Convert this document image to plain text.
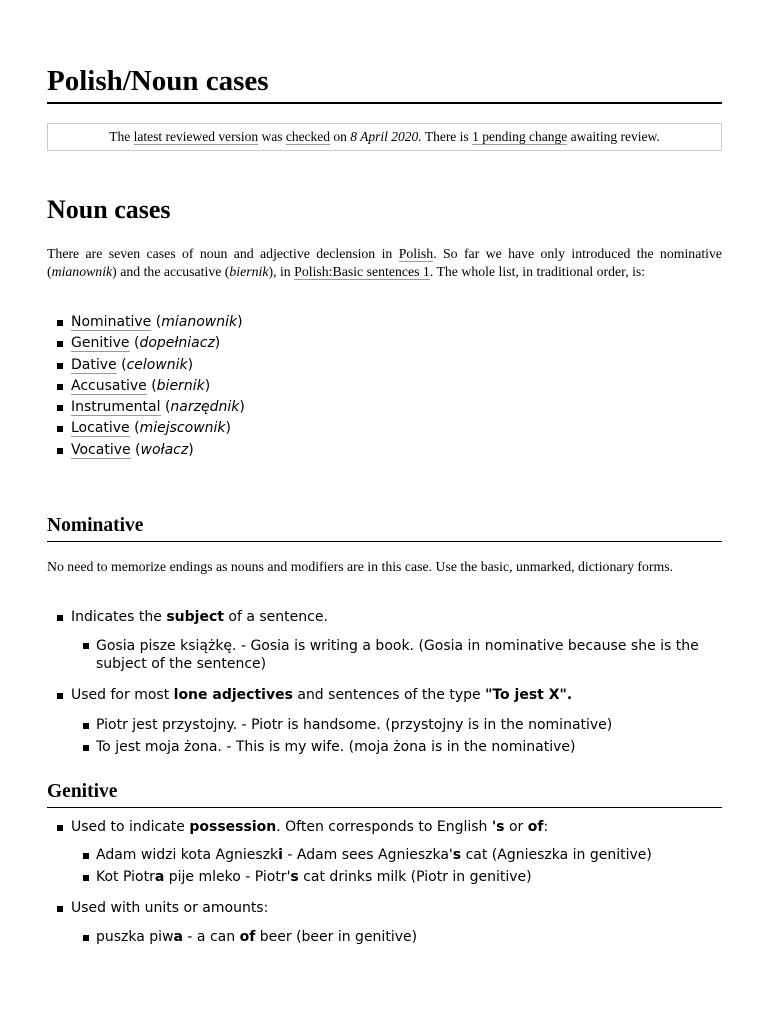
Polish/Noun cases
The latest reviewed version was checked on 8 April 2020. There is 1 pending change awaiting review.
Noun cases

There are seven cases of noun and adjective declension in Polish. So far we have only introduced the nominative (mianownik) and the accusative (biernik), in Polish:Basic sentences 1. The whole list, in traditional order, is:

Nominative (mianownik)
Genitive (dopełniacz)
Dative (celownik)
Accusative (biernik)
Instrumental (narzędnik)
Locative (miejscownik)
Vocative (wołacz)
Nominative

No need to memorize endings as nouns and modifiers are in this case. Use the basic, unmarked, dictionary forms.

Indicates the subject of a sentence.
Gosia pisze książkę. - Gosia is writing a book. (Gosia in nominative because she is the subject of the sentence)
Used for most lone adjectives and sentences of the type "To jest X".
Piotr jest przystojny. - Piotr is handsome. (przystojny is in the nominative)
To jest moja żona. - This is my wife. (moja żona is in the nominative)
Genitive
Used to indicate possession. Often corresponds to English 's or of:
Adam widzi kota Agnieszki - Adam sees Agnieszka's cat (Agnieszka in genitive)
Kot Piotra pije mleko - Piotr's cat drinks milk (Piotr in genitive)
Used with units or amounts:
puszka piwa - a can of beer (beer in genitive)
